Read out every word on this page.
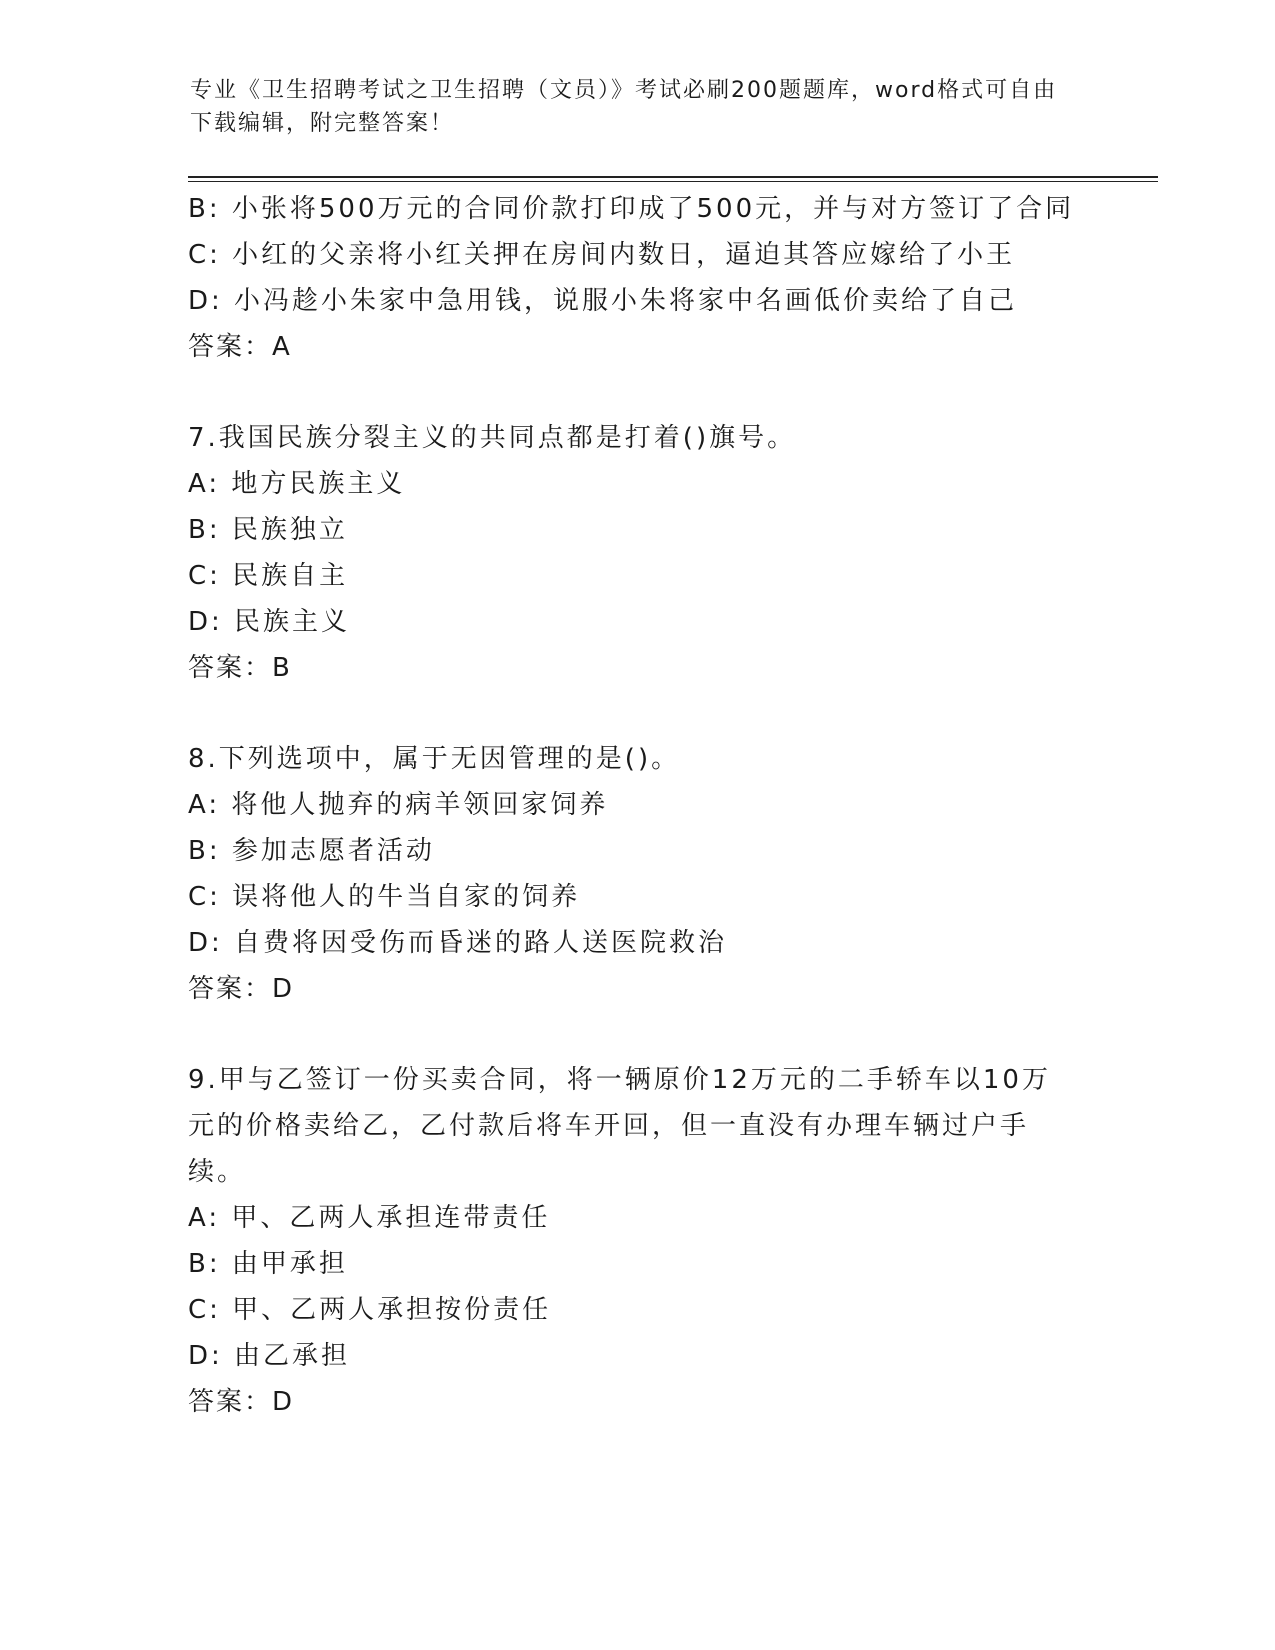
专业《卫生招聘考试之卫生招聘（文员）》考试必刷200题题库，word格式可自由下载编辑，附完整答案！
B: 小张将500万元的合同价款打印成了500元，并与对方签订了合同
C: 小红的父亲将小红关押在房间内数日，逼迫其答应嫁给了小王
D: 小冯趁小朱家中急用钱，说服小朱将家中名画低价卖给了自己
答案：A
7.我国民族分裂主义的共同点都是打着()旗号。
A: 地方民族主义
B: 民族独立
C: 民族自主
D: 民族主义
答案：B
8.下列选项中，属于无因管理的是()。
A: 将他人抛弃的病羊领回家饲养
B: 参加志愿者活动
C: 误将他人的牛当自家的饲养
D: 自费将因受伤而昏迷的路人送医院救治
答案：D
9.甲与乙签订一份买卖合同，将一辆原价12万元的二手轿车以10万元的价格卖给乙，乙付款后将车开回，但一直没有办理车辆过户手续。
A: 甲、乙两人承担连带责任
B: 由甲承担
C: 甲、乙两人承担按份责任
D: 由乙承担
答案：D
